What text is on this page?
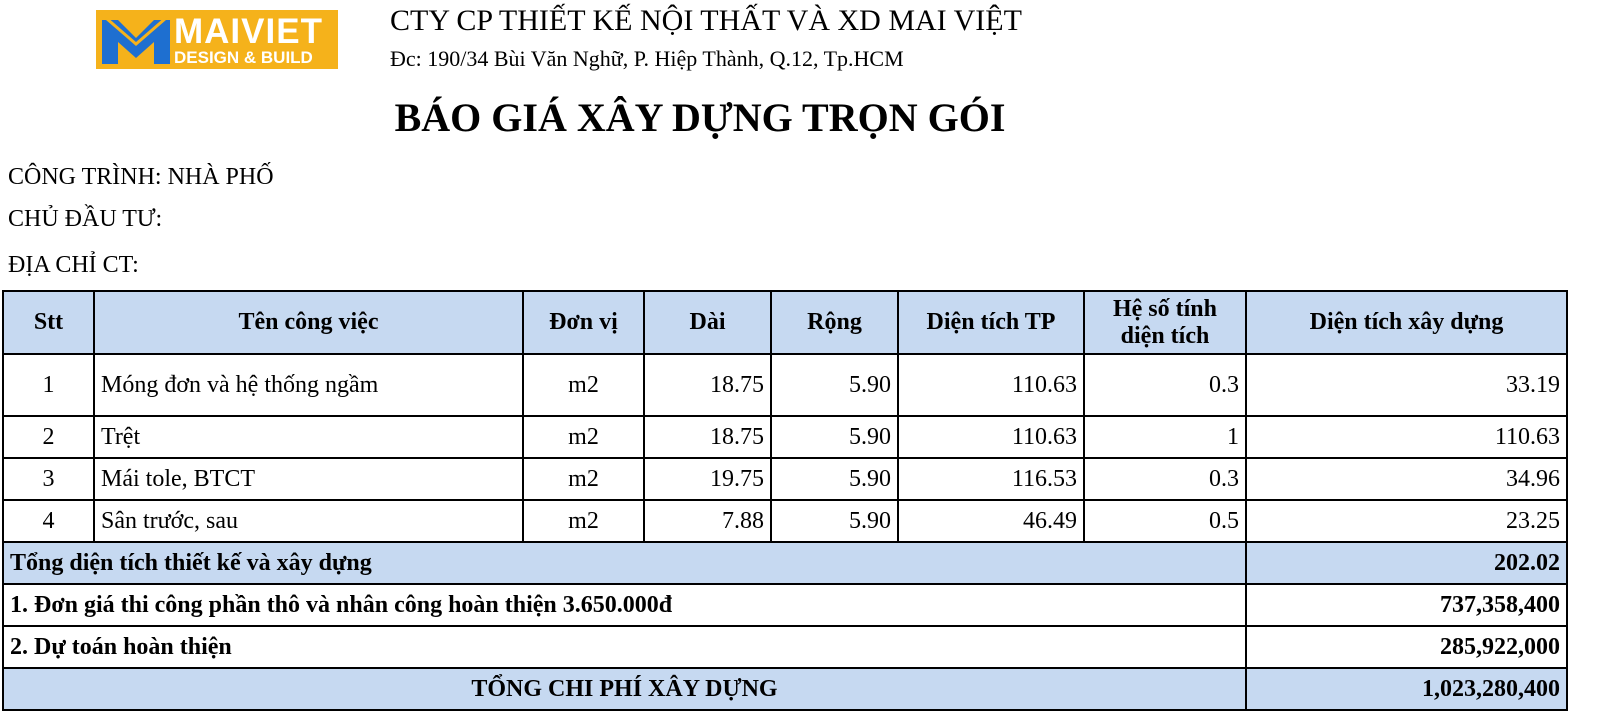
MAIVIET
DESIGN & BUILD
CTY CP THIẾT KẾ NỘI THẤT VÀ XD MAI VIỆT
Đc: 190/34 Bùi Văn Nghữ, P. Hiệp Thành, Q.12, Tp.HCM
BÁO GIÁ XÂY DỰNG TRỌN GÓI
CÔNG TRÌNH: NHÀ PHỐ
CHỦ ĐẦU TƯ:
ĐỊA CHỈ CT:
Stt	Tên công việc	Đơn vị	Dài	Rộng	Diện tích TP	Hệ số tính diện tích	Diện tích xây dựng
1	Móng đơn và hệ thống ngầm	m2	18.75	5.90	110.63	0.3	33.19
2	Trệt	m2	18.75	5.90	110.63	1	110.63
3	Mái tole, BTCT	m2	19.75	5.90	116.53	0.3	34.96
4	Sân trước, sau	m2	7.88	5.90	46.49	0.5	23.25
Tổng diện tích thiết kế và xây dựng							202.02
1. Đơn giá thi công phần thô và nhân công hoàn thiện 3.650.000đ							737,358,400
2. Dự toán hoàn thiện							285,922,000
TỔNG CHI PHÍ XÂY DỰNG							1,023,280,400
